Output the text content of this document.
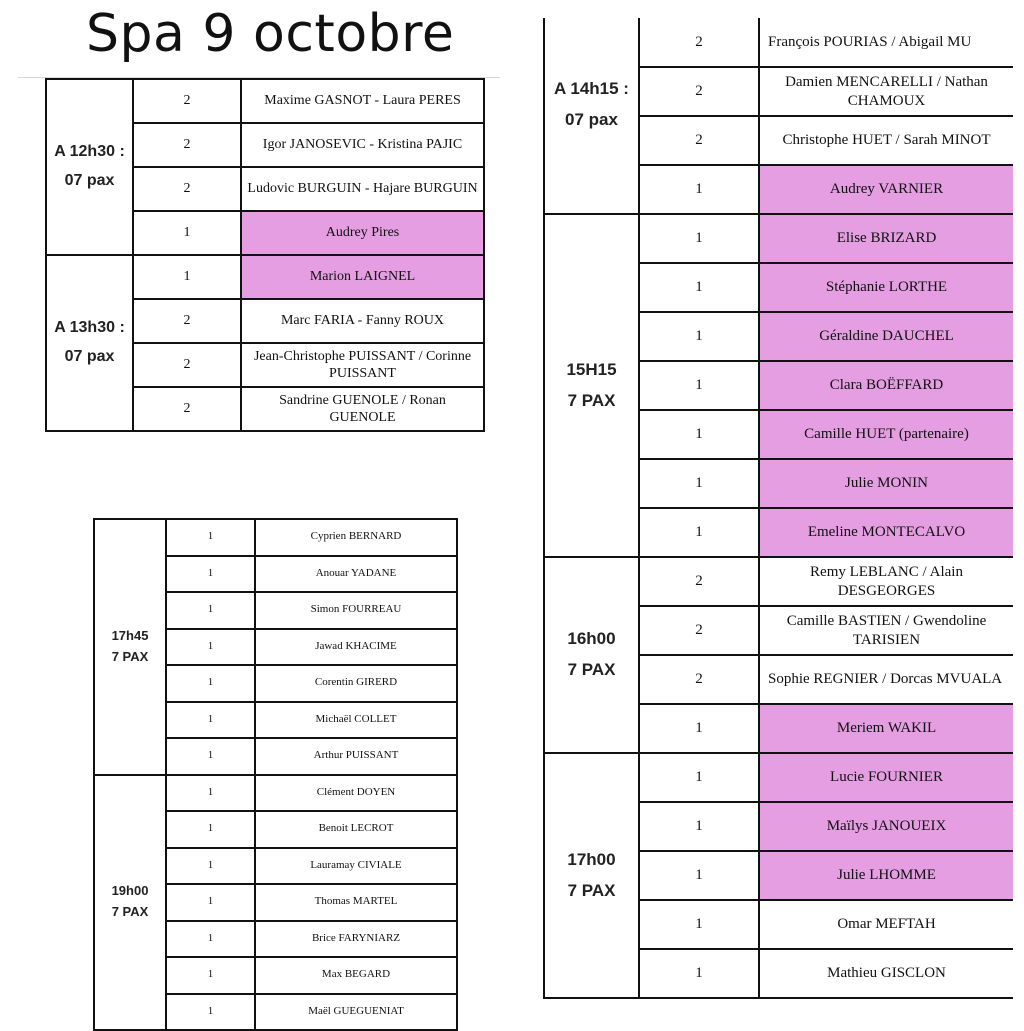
Spa 9 octobre
A 12h30 :
07 pax	2	Maxime GASNOT - Laura PERES
	2	Igor JANOSEVIC - Kristina PAJIC
	2	Ludovic BURGUIN - Hajare BURGUIN
	1	Audrey Pires

A 13h30 :
07 pax	1	Marion LAIGNEL
	2	Marc FARIA - Fanny ROUX
	2	Jean-Christophe PUISSANT / Corinne PUISSANT
	2	Sandrine GUENOLE / Ronan GUENOLE
17h45
7 PAX	1	Cyprien BERNARD
	1	Anouar YADANE
	1	Simon FOURREAU
	1	Jawad KHACIME
	1	Corentin GIRERD
	1	Michaël COLLET
	1	Arthur PUISSANT

19h00
7 PAX	1	Clément DOYEN
	1	Benoit LECROT
	1	Lauramay CIVIALE
	1	Thomas MARTEL
	1	Brice FARYNIARZ
	1	Max BEGARD
	1	Maël GUEGUENIAT
A 14h15 :
07 pax	2	François POURIAS / Abigail MU
	2	Damien MENCARELLI / Nathan CHAMOUX
	2	Christophe HUET / Sarah MINOT
	1	Audrey VARNIER

15H15
7 PAX	1	Elise BRIZARD
	1	Stéphanie LORTHE
	1	Géraldine DAUCHEL
	1	Clara BOËFFARD
	1	Camille HUET (partenaire)
	1	Julie MONIN
	1	Emeline MONTECALVO

16h00
7 PAX	2	Remy LEBLANC / Alain DESGEORGES
	2	Camille BASTIEN / Gwendoline TARISIEN
	2	Sophie REGNIER / Dorcas MVUALA
	1	Meriem WAKIL

17h00
7 PAX	1	Lucie FOURNIER
	1	Maïlys JANOUEIX
	1	Julie LHOMME
	1	Omar MEFTAH
	1	Mathieu GISCLON
